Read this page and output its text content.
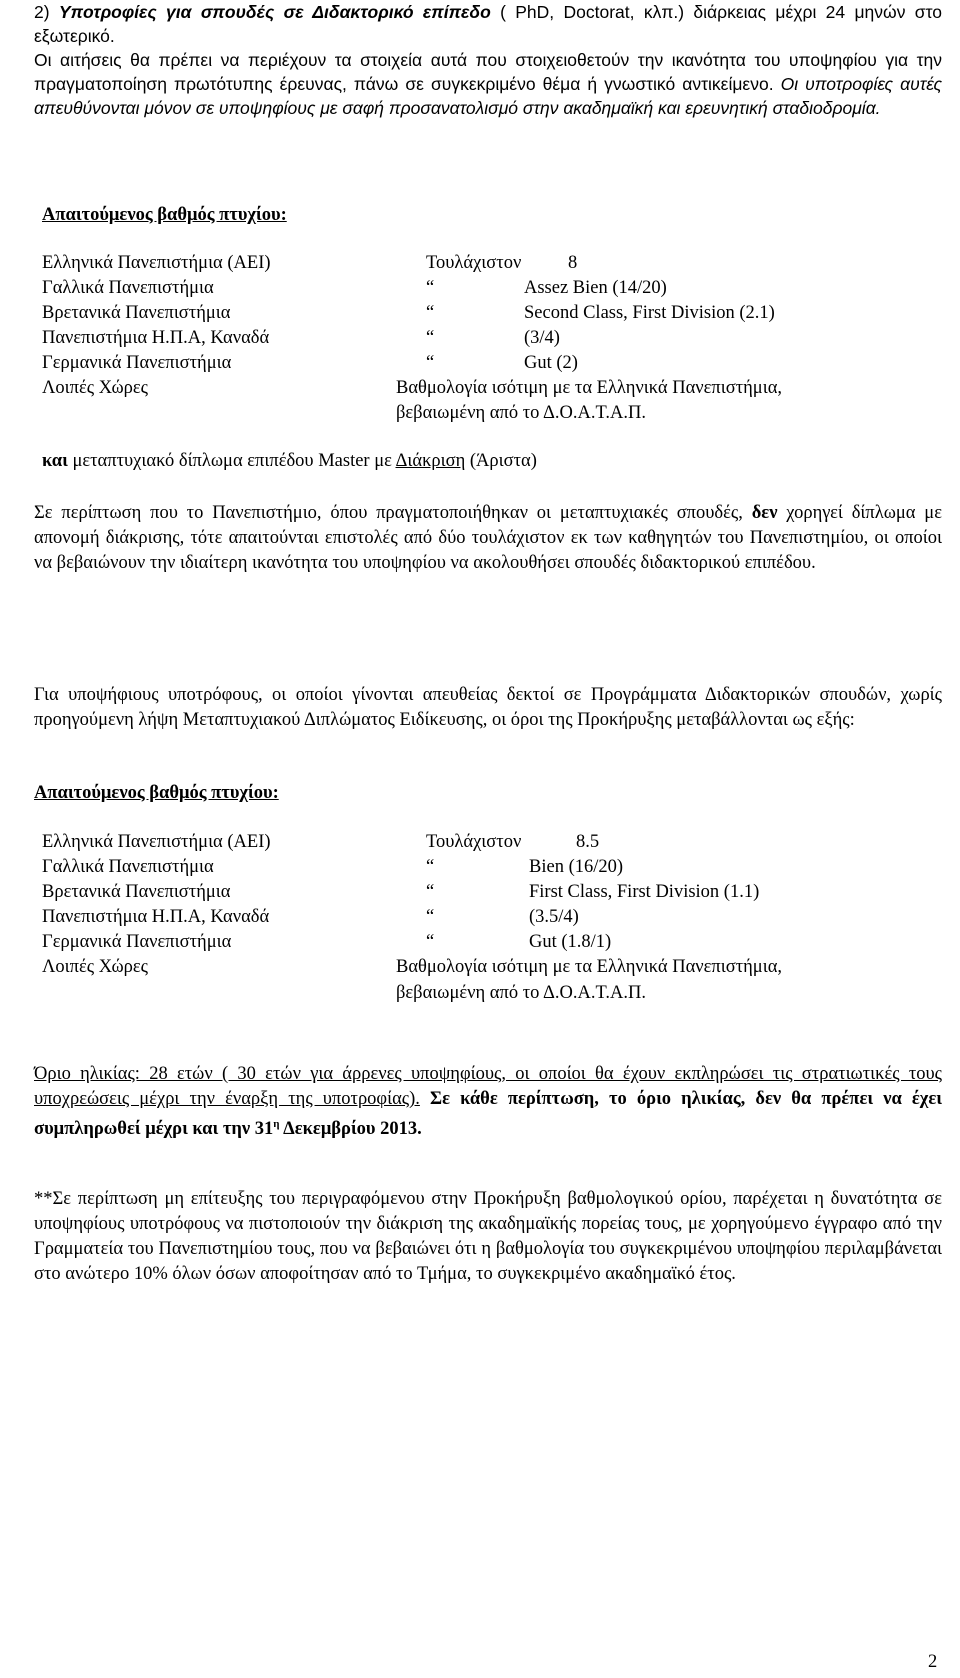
2) Υποτροφίες για σπουδές σε Διδακτορικό επίπεδο ( PhD, Doctorat, κλπ.) διάρκειας μέχρι 24 μηνών στο εξωτερικό.
Οι αιτήσεις θα πρέπει να περιέχουν τα στοιχεία αυτά που στοιχειοθετούν την ικανότητα του υποψηφίου για την πραγματοποίηση πρωτότυπης έρευνας, πάνω σε συγκεκριμένο θέμα ή γνωστικό αντικείμενο. Οι υποτροφίες αυτές απευθύνονται μόνον σε υποψηφίους με σαφή προσανατολισμό στην ακαδημαϊκή και ερευνητική σταδιοδρομία.
Απαιτούμενος βαθμός πτυχίου:
Ελληνικά Πανεπιστήμια (ΑΕΙ)	Τουλάχιστον	8
Γαλλικά Πανεπιστήμια	“	Assez Bien (14/20)
Βρετανικά Πανεπιστήμια	“	Second Class, First Division (2.1)
Πανεπιστήμια Η.Π.Α, Καναδά	“	(3/4)
Γερμανικά Πανεπιστήμια	“	Gut (2)
Λοιπές Χώρες	Βαθμολογία ισότιμη με τα Ελληνικά Πανεπιστήμια,
βεβαιωμένη από το Δ.Ο.Α.Τ.Α.Π.
και μεταπτυχιακό δίπλωμα επιπέδου Master με Διάκριση (Άριστα)
Σε περίπτωση που το Πανεπιστήμιο, όπου πραγματοποιήθηκαν οι μεταπτυχιακές σπουδές, δεν χορηγεί δίπλωμα με απονομή διάκρισης, τότε απαιτούνται επιστολές από δύο τουλάχιστον εκ των καθηγητών του Πανεπιστημίου, οι οποίοι να βεβαιώνουν την ιδιαίτερη ικανότητα του υποψηφίου να ακολουθήσει σπουδές διδακτορικού επιπέδου.
Για υποψήφιους υποτρόφους, οι οποίοι γίνονται απευθείας δεκτοί σε Προγράμματα Διδακτορικών σπουδών, χωρίς προηγούμενη λήψη Μεταπτυχιακού Διπλώματος Ειδίκευσης, οι όροι της Προκήρυξης μεταβάλλονται ως εξής:
Απαιτούμενος βαθμός πτυχίου:
Ελληνικά Πανεπιστήμια (ΑΕΙ)	Τουλάχιστον	8.5
Γαλλικά Πανεπιστήμια	“	Bien (16/20)
Βρετανικά Πανεπιστήμια	“	First Class, First Division (1.1)
Πανεπιστήμια Η.Π.Α, Καναδά	“	(3.5/4)
Γερμανικά Πανεπιστήμια	“	Gut (1.8/1)
Λοιπές Χώρες	Βαθμολογία ισότιμη με τα Ελληνικά Πανεπιστήμια,
βεβαιωμένη από το Δ.Ο.Α.Τ.Α.Π.
Όριο ηλικίας: 28 ετών ( 30 ετών για άρρενες υποψηφίους, οι οποίοι θα έχουν εκπληρώσει τις στρατιωτικές τους υποχρεώσεις μέχρι την έναρξη της υποτροφίας). Σε κάθε περίπτωση, το όριο ηλικίας, δεν θα πρέπει να έχει συμπληρωθεί μέχρι και την $31^\eta$ Δεκεμβρίου 2013.
**Σε περίπτωση μη επίτευξης του περιγραφόμενου στην Προκήρυξη βαθμολογικού ορίου, παρέχεται η δυνατότητα σε υποψηφίους υποτρόφους να πιστοποιούν την διάκριση της ακαδημαϊκής πορείας τους, με χορηγούμενο έγγραφο από την Γραμματεία του Πανεπιστημίου τους, που να βεβαιώνει ότι η βαθμολογία του συγκεκριμένου υποψηφίου περιλαμβάνεται στο ανώτερο 10% όλων όσων αποφοίτησαν από το Τμήμα, το συγκεκριμένο ακαδημαϊκό έτος.
2
